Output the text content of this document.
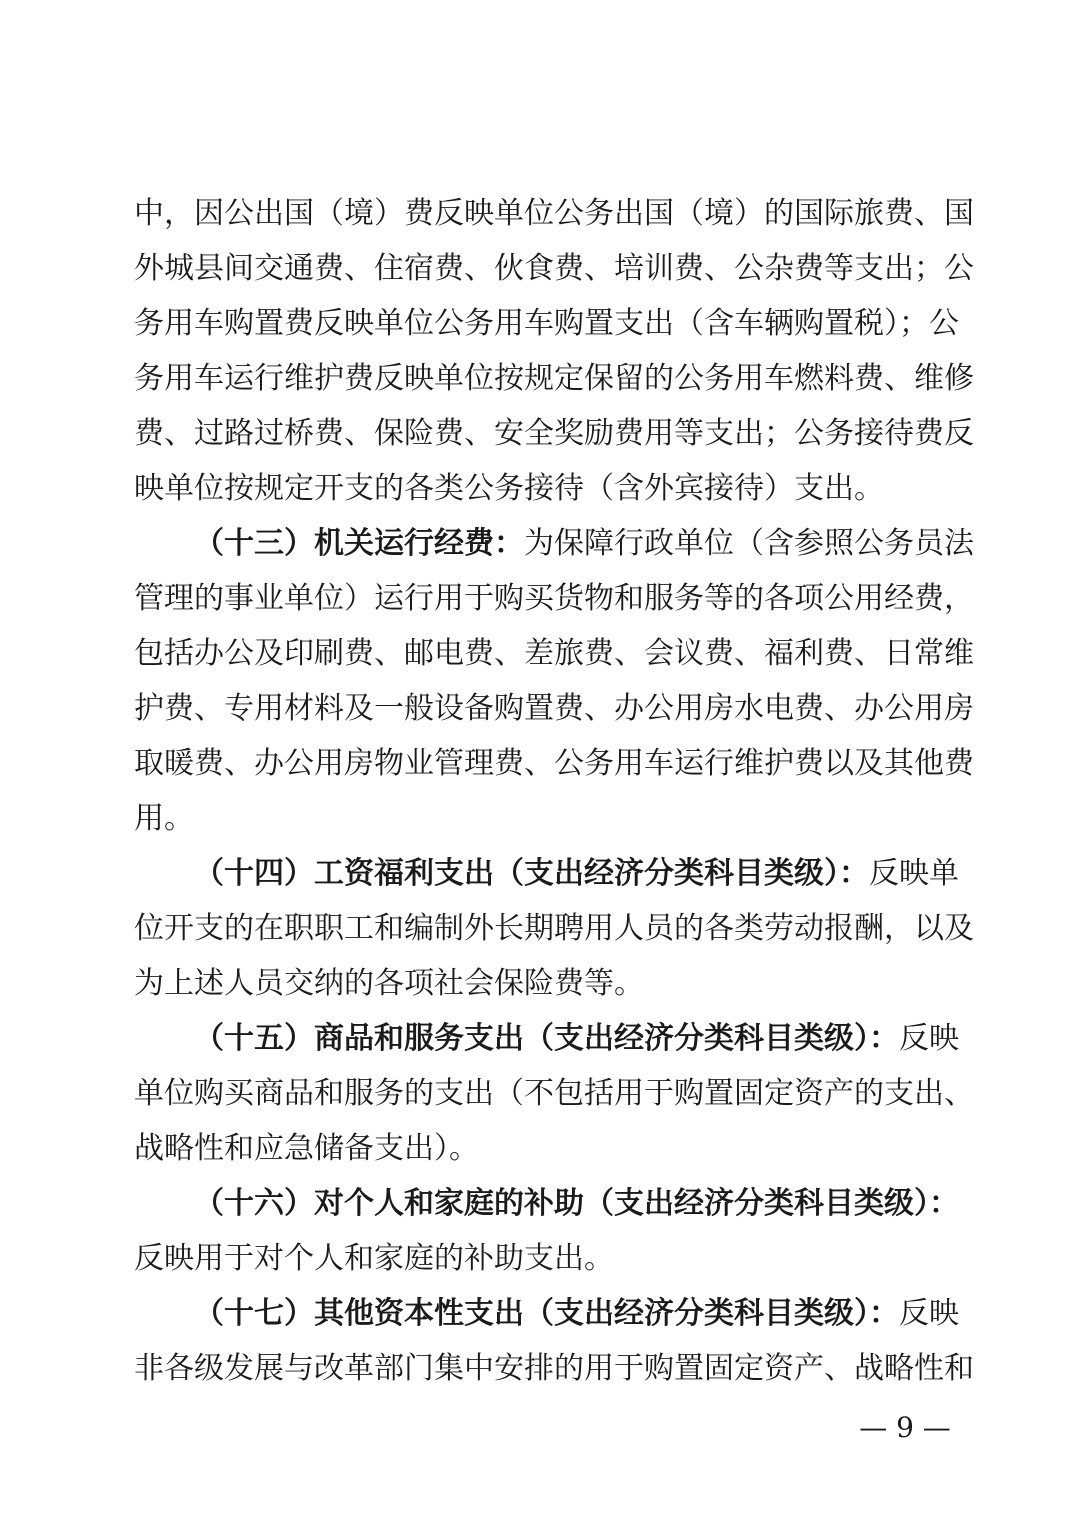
中，因公出国（境）费反映单位公务出国（境）的国际旅费、国
外城县间交通费、住宿费、伙食费、培训费、公杂费等支出；公
务用车购置费反映单位公务用车购置支出（含车辆购置税）；公
务用车运行维护费反映单位按规定保留的公务用车燃料费、维修
费、过路过桥费、保险费、安全奖励费用等支出；公务接待费反
映单位按规定开支的各类公务接待（含外宾接待）支出。
（十三）机关运行经费：为保障行政单位（含参照公务员法
管理的事业单位）运行用于购买货物和服务等的各项公用经费，
包括办公及印刷费、邮电费、差旅费、会议费、福利费、日常维
护费、专用材料及一般设备购置费、办公用房水电费、办公用房
取暖费、办公用房物业管理费、公务用车运行维护费以及其他费
用。
（十四）工资福利支出（支出经济分类科目类级）：反映单
位开支的在职职工和编制外长期聘用人员的各类劳动报酬，以及
为上述人员交纳的各项社会保险费等。
（十五）商品和服务支出（支出经济分类科目类级）：反映
单位购买商品和服务的支出（不包括用于购置固定资产的支出、
战略性和应急储备支出）。
（十六）对个人和家庭的补助（支出经济分类科目类级）：
反映用于对个人和家庭的补助支出。
（十七）其他资本性支出（支出经济分类科目类级）：反映
非各级发展与改革部门集中安排的用于购置固定资产、战略性和
— 9 —
